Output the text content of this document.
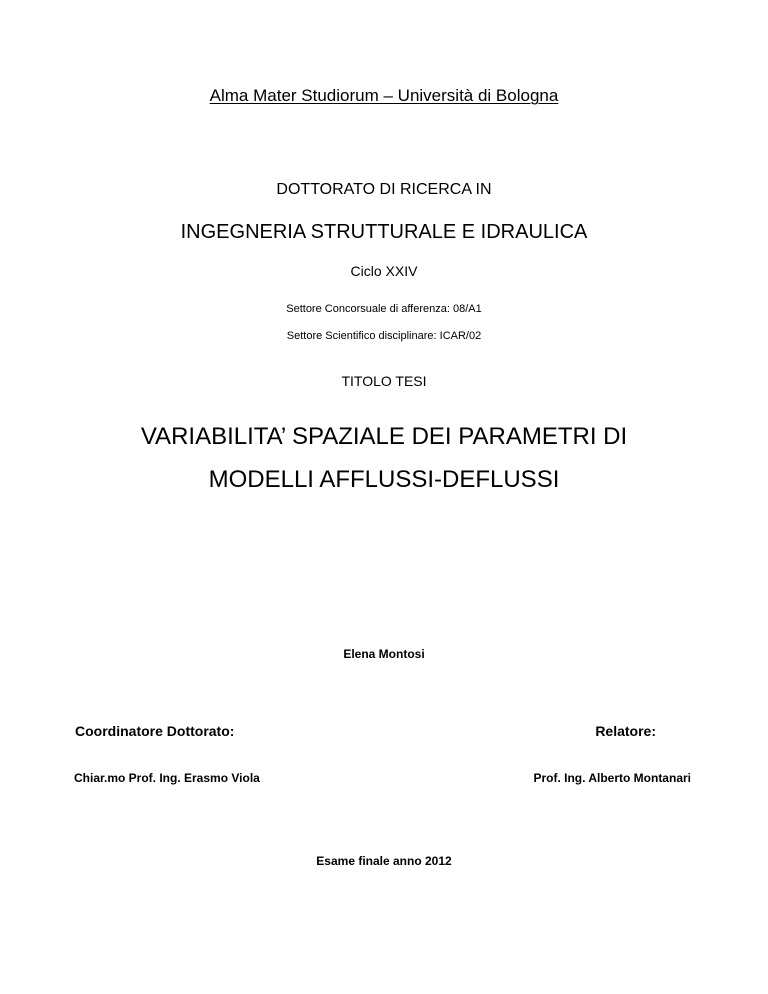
Alma Mater Studiorum – Università di Bologna
DOTTORATO DI RICERCA IN
INGEGNERIA STRUTTURALE E IDRAULICA
Ciclo XXIV
Settore Concorsuale di afferenza: 08/A1
Settore Scientifico disciplinare: ICAR/02
TITOLO TESI
VARIABILITA’ SPAZIALE DEI PARAMETRI DI
MODELLI AFFLUSSI-DEFLUSSI
Elena Montosi
Coordinatore Dottorato:	Relatore:
Chiar.mo Prof. Ing. Erasmo Viola	Prof. Ing. Alberto Montanari
Esame finale anno 2012
